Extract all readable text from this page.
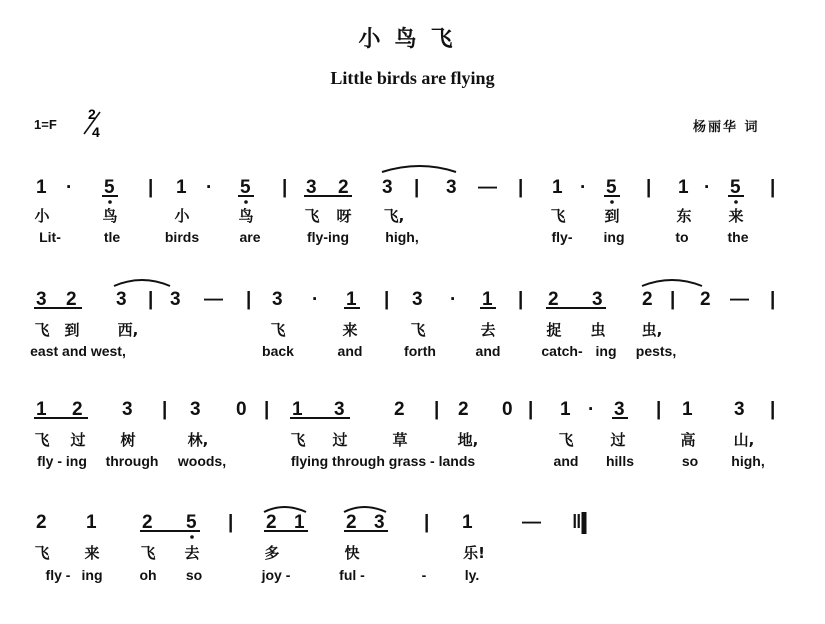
小鸟飞
Little birds are flying
1=F
2
4	杨丽华 词
1 · 5 | 1 · 5 | 3 2 3 | 3 — | 1 · 5 | 1 · 5 |
3 2 3 | 3 — | 3 · 1 | 3 · 1 | 2 3 2 | 2 — |
1 2 3 | 3 0 | 1 3	2 | 2 0 | 1 · 3 | 1 3 |
2 1 2 5 | 2 1 2 3 | 1	— ‖
小	鸟	小	鸟	飞 呀 飞,	飞	到	东 来
Lit-	tle	birds	are	fly-ing	high,	fly- ing	to	the
飞 到	西,	飞	来	飞	去	捉 虫 虫,
east and west,	back	and	forth	and	catch- ing pests,
飞 过 树	林,	飞 过	草	地,	飞 过	高	山,
fly - ing through woods,	flying through grass - lands	and hills	so high,
飞 来	飞 去	多	快	乐!
fly - ing	oh so	joy -	ful -	-	ly.
